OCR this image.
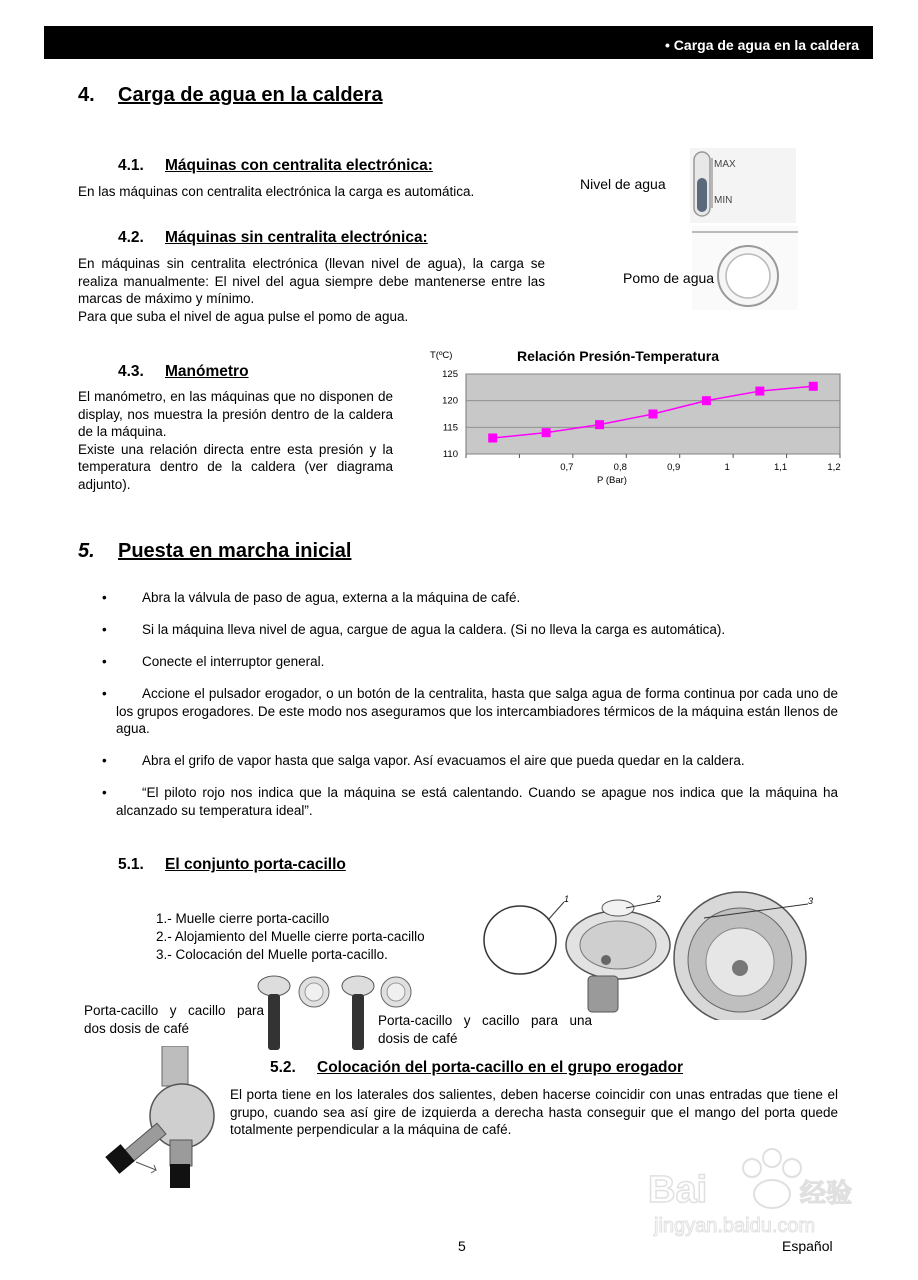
• Carga de agua en la caldera
4. Carga de agua en la caldera
4.1. Máquinas con centralita electrónica:
En las máquinas con centralita electrónica la carga es automática.
4.2. Máquinas sin centralita electrónica:
En máquinas sin centralita electrónica (llevan nivel de agua), la carga se realiza manualmente: El nivel del agua siempre debe mantenerse entre las marcas de máximo y mínimo.
Para que suba el nivel de agua pulse el pomo de agua.
Nivel de agua
MAX
MIN
Pomo de agua
4.3. Manómetro
El manómetro, en las máquinas que no disponen de display, nos muestra la presión dentro de la caldera de la máquina.
Existe una relación directa entre esta presión y la temperatura dentro de la caldera (ver diagrama adjunto).
Relación Presión-Temperatura
T(ºC)
P (Bar)
110
115
120
125
0,7	0,8	0,9	1	1,1	1,2
5. Puesta en marcha inicial
•	Abra la válvula de paso de agua, externa a la máquina de café.
•	Si la máquina lleva nivel de agua, cargue de agua la caldera. (Si no lleva la carga es automática).
•	Conecte el interruptor general.
•	Accione el pulsador erogador, o un botón de la centralita, hasta que salga agua de forma continua por cada uno de los grupos erogadores. De este modo nos aseguramos que los intercambiadores térmicos de la máquina están llenos de agua.
•	Abra el grifo de vapor hasta que salga vapor. Así evacuamos el aire que pueda quedar en la caldera.
•	“El piloto rojo nos indica que la máquina se está calentando. Cuando se apague nos indica que la máquina ha alcanzado su temperatura ideal”.
5.1. El conjunto porta-cacillo
1.- Muelle cierre porta-cacillo
2.- Alojamiento del Muelle cierre porta-cacillo
3.- Colocación del Muelle porta-cacillo.
1	2	3
Porta-cacillo y cacillo para dos dosis de café	Porta-cacillo y cacillo para una dosis de café
5.2. Colocación del porta-cacillo en el grupo erogador
El porta tiene en los laterales dos salientes, deben hacerse coincidir con unas entradas que tiene el grupo, cuando sea así gire de izquierda a derecha hasta conseguir que el mango del porta quede totalmente perpendicular a la máquina de café.
5	Español
Bai	经验
jingyan.baidu.com
